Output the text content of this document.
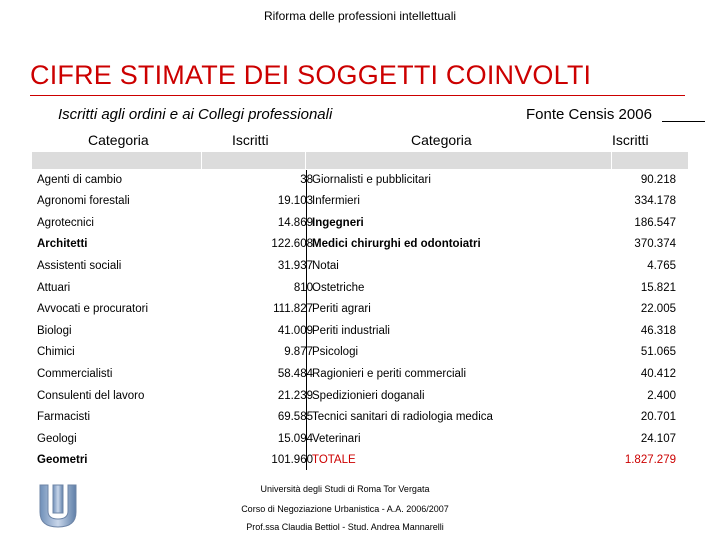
Riforma delle professioni intellettuali
CIFRE STIMATE DEI SOGGETTI COINVOLTI
Iscritti agli ordini e ai Collegi professionali	Fonte Censis 2006
Categoria	Iscritti	Categoria	Iscritti
Agenti di cambio	38 Giornalisti e pubblicitari	90.218
Agronomi forestali	19.103 Infermieri	334.178
Agrotecnici	14.869 Ingegneri	186.547
Architetti	122.608 Medici chirurghi ed odontoiatri	370.374
Assistenti sociali	31.937 Notai	4.765
Attuari	810 Ostetriche	15.821
Avvocati e procuratori	111.827 Periti agrari	22.005
Biologi	41.009 Periti industriali	46.318
Chimici	9.877 Psicologi	51.065
Commercialisti	58.484 Ragionieri e periti commerciali	40.412
Consulenti del lavoro	21.239 Spedizionieri doganali	2.400
Farmacisti	69.585 Tecnici sanitari di radiologia medica	20.701
Geologi	15.094 Veterinari	24.107
Geometri	101.960 TOTALE	1.827.279
Università degli Studi di Roma Tor Vergata
Corso di Negoziazione Urbanistica - A.A. 2006/2007
Prof.ssa Claudia Bettiol - Stud. Andrea Mannarelli
